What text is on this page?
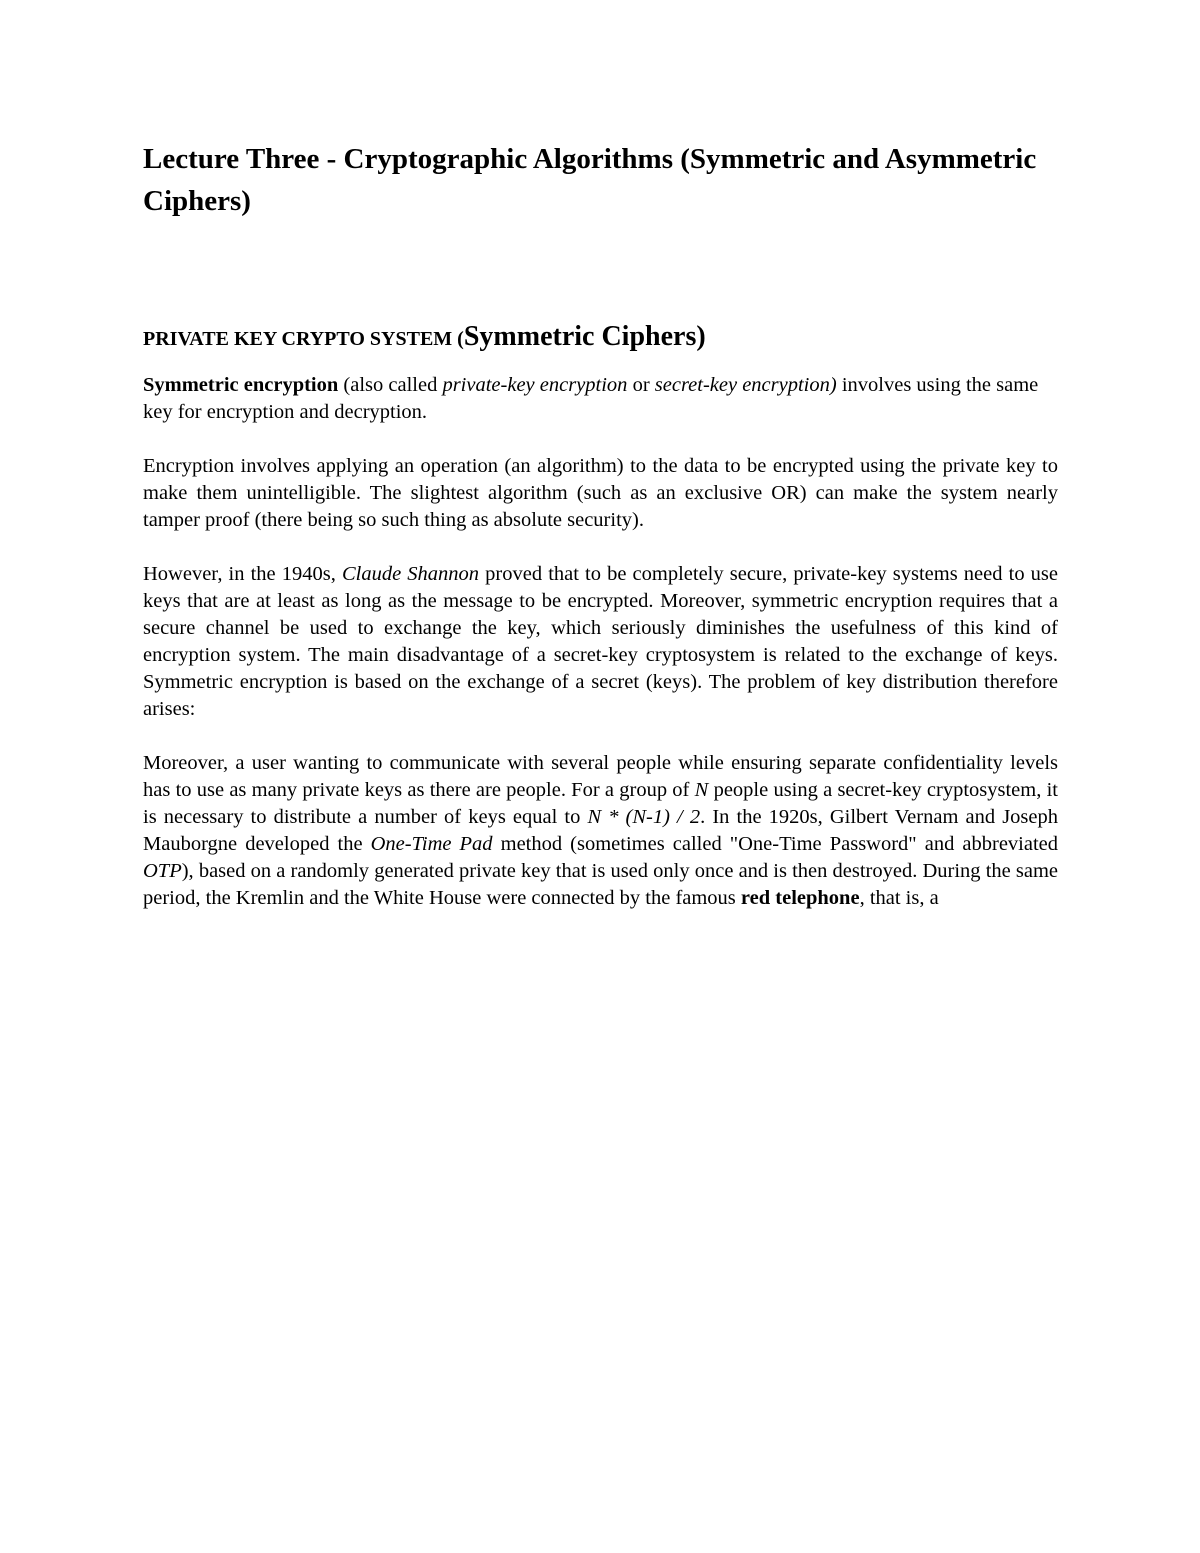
Lecture Three - Cryptographic Algorithms (Symmetric and Asymmetric Ciphers)
PRIVATE KEY CRYPTO SYSTEM (Symmetric Ciphers)

Symmetric encryption (also called private-key encryption or secret-key encryption) involves using the same key for encryption and decryption.

Encryption involves applying an operation (an algorithm) to the data to be encrypted using the private key to make them unintelligible. The slightest algorithm (such as an exclusive OR) can make the system nearly tamper proof (there being so such thing as absolute security).

However, in the 1940s, Claude Shannon proved that to be completely secure, private-key systems need to use keys that are at least as long as the message to be encrypted. Moreover, symmetric encryption requires that a secure channel be used to exchange the key, which seriously diminishes the usefulness of this kind of encryption system. The main disadvantage of a secret-key cryptosystem is related to the exchange of keys. Symmetric encryption is based on the exchange of a secret (keys). The problem of key distribution therefore arises:

Moreover, a user wanting to communicate with several people while ensuring separate confidentiality levels has to use as many private keys as there are people. For a group of N people using a secret-key cryptosystem, it is necessary to distribute a number of keys equal to N * (N-1) / 2. In the 1920s, Gilbert Vernam and Joseph Mauborgne developed the One-Time Pad method (sometimes called "One-Time Password" and abbreviated OTP), based on a randomly generated private key that is used only once and is then destroyed. During the same period, the Kremlin and the White House were connected by the famous red telephone, that is, a
